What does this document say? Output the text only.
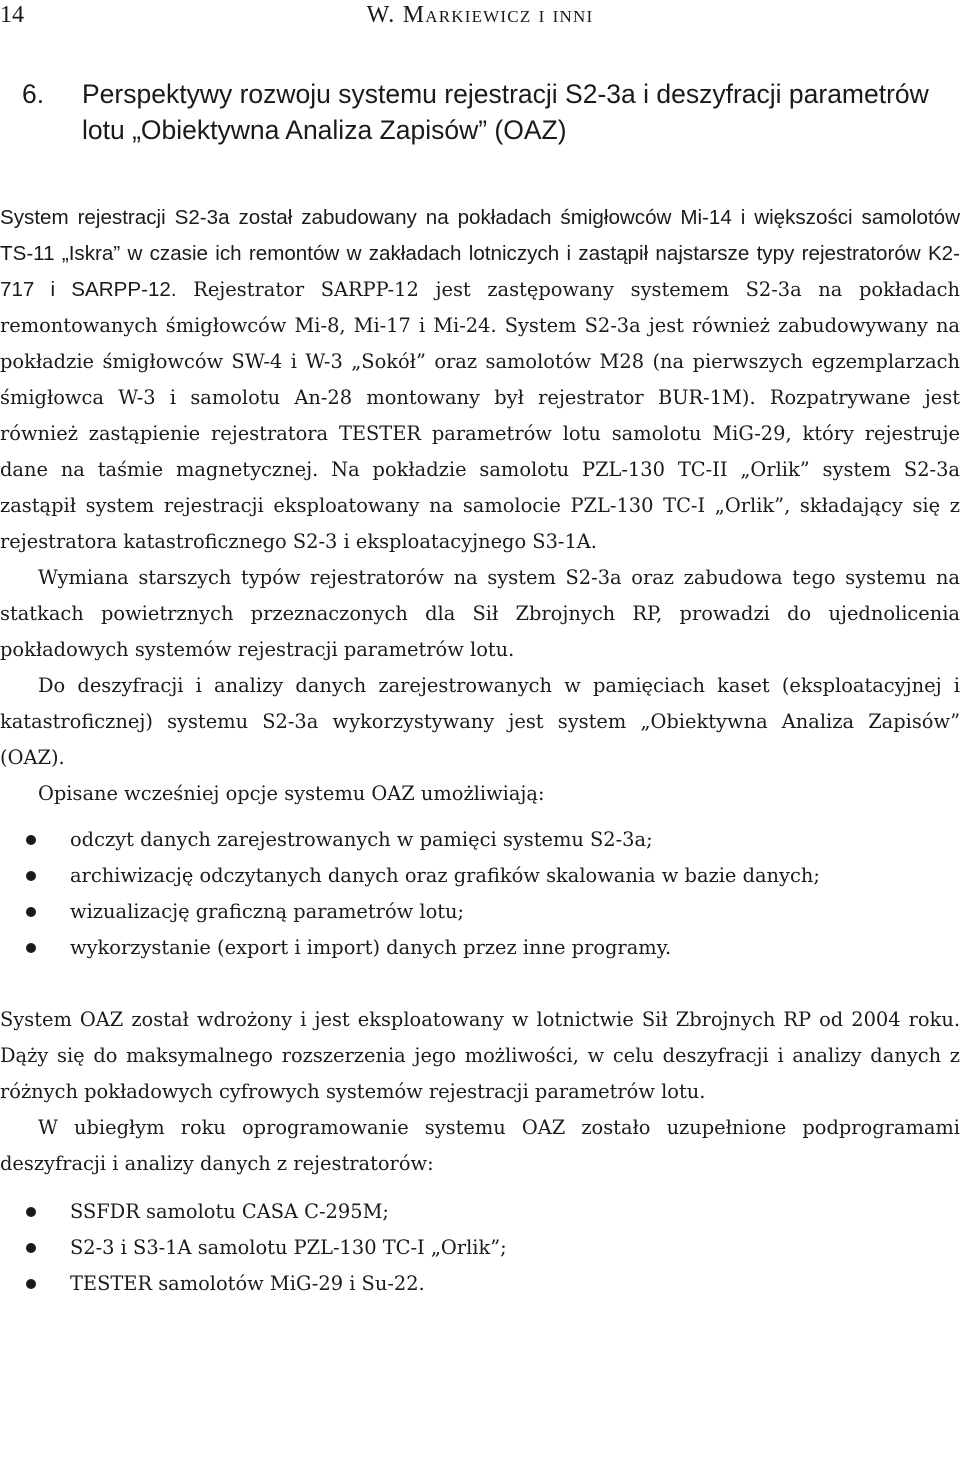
14	W. Markiewicz i inni
6. Perspektywy rozwoju systemu rejestracji S2-3a i deszyfracji parametrów lotu „Obiektywna Analiza Zapisów” (OAZ)

System rejestracji S2-3a został zabudowany na pokładach śmigłowców Mi-14 i większości samolotów TS-11 „Iskra” w czasie ich remontów w zakładach lotniczych i zastąpił najstarsze typy rejestratorów K2-717 i SARPP-12. Rejestrator SARPP-12 jest zastępowany systemem S2-3a na pokładach remontowanych śmigłowców Mi-8, Mi-17 i Mi-24. System S2-3a jest również zabudowywany na pokładzie śmigłowców SW-4 i W-3 „Sokół” oraz samolotów M28 (na pierwszych egzemplarzach śmigłowca W-3 i samolotu An-28 montowany był rejestrator BUR-1M). Rozpatrywane jest również zastąpienie rejestratora TESTER parametrów lotu samolotu MiG-29, który rejestruje dane na taśmie magnetycznej. Na pokładzie samolotu PZL-130 TC-II „Orlik” system S2-3a zastąpił system rejestracji eksploatowany na samolocie PZL-130 TC-I „Orlik”, składający się z rejestratora katastroficznego S2-3 i eksploatacyjnego S3-1A.

Wymiana starszych typów rejestratorów na system S2-3a oraz zabudowa tego systemu na statkach powietrznych przeznaczonych dla Sił Zbrojnych RP, prowadzi do ujednolicenia pokładowych systemów rejestracji parametrów lotu.

Do deszyfracji i analizy danych zarejestrowanych w pamięciach kaset (eksploatacyjnej i katastroficznej) systemu S2-3a wykorzystywany jest system „Obiektywna Analiza Zapisów” (OAZ).

Opisane wcześniej opcje systemu OAZ umożliwiają:

odczyt danych zarejestrowanych w pamięci systemu S2-3a;
archiwizację odczytanych danych oraz grafików skalowania w bazie danych;
wizualizację graficzną parametrów lotu;
wykorzystanie (export i import) danych przez inne programy.

System OAZ został wdrożony i jest eksploatowany w lotnictwie Sił Zbrojnych RP od 2004 roku. Dąży się do maksymalnego rozszerzenia jego możliwości, w celu deszyfracji i analizy danych z różnych pokładowych cyfrowych systemów rejestracji parametrów lotu.

W ubiegłym roku oprogramowanie systemu OAZ zostało uzupełnione podprogramami deszyfracji i analizy danych z rejestratorów:

SSFDR samolotu CASA C-295M;
S2-3 i S3-1A samolotu PZL-130 TC-I „Orlik”;
TESTER samolotów MiG-29 i Su-22.
